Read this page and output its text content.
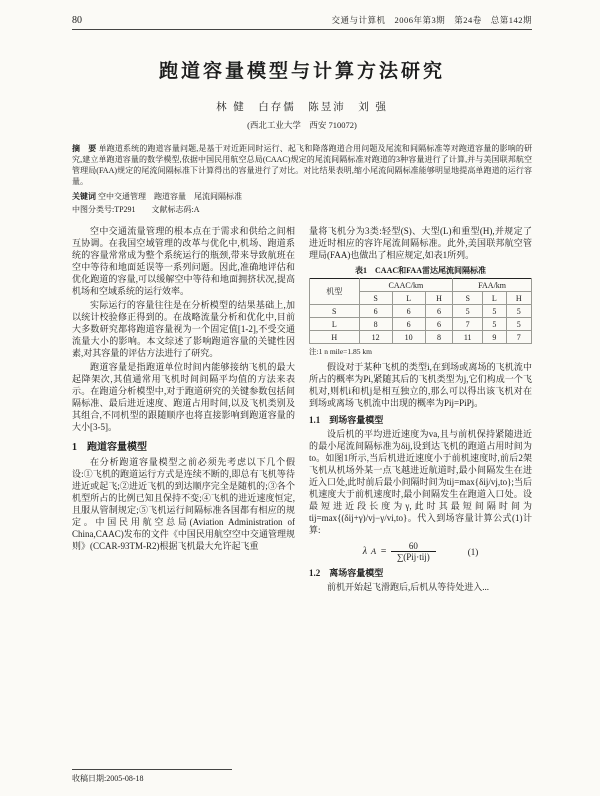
80	交通与计算机　2006年第3期　第24卷　总第142期
跑道容量模型与计算方法研究
林 健　白存儒　陈昱沛　刘 强
(西北工业大学　西安 710072)
摘　要 单跑道系统的跑道容量问题,是基于对近距同时运行、起飞和降落跑道合用问题及尾流和间隔标准等对跑道容量的影响的研究,建立单跑道容量的数学模型,依据中国民用航空总局(CAAC)规定的尾流间隔标准对跑道的3种容量进行了计算,并与美国联邦航空管理局(FAA)规定的尾流间隔标准下计算得出的容量进行了对比。对比结果表明,缩小尾流间隔标准能够明显地提高单跑道的运行容量。
关键词 空中交通管理　跑道容量　尾流间隔标准
中图分类号:TP291　　文献标志码:A

空中交通流量管理的根本点在于需求和供给之间相互协调。在我国空域管理的改革与优化中,机场、跑道系统的容量常常成为整个系统运行的瓶颈,带来导致航班在空中等待和地面延误等一系列问题。因此,准确地评估和优化跑道的容量,可以缓解空中等待和地面拥挤状况,提高机场和空域系统的运行效率。

实际运行的容量往往是在分析模型的结果基础上,加以统计校验修正得到的。在战略流量分析和优化中,目前大多数研究都将跑道容量视为一个固定值[1-2],不受交通流量大小的影响。本文综述了影响跑道容量的关键性因素,对其容量的评估方法进行了研究。

跑道容量是指跑道单位时间内能够接纳飞机的最大起降架次,其值通常用飞机时间间隔平均值的方法来表示。在跑道分析模型中,对于跑道研究的关键参数包括间隔标准、最后进近速度、跑道占用时间,以及飞机类别及其组合,不同机型的跟随顺序也将直接影响到跑道容量的大小[3-5]。

1　跑道容量模型

在分析跑道容量模型之前必须先考虑以下几个假设:①飞机的跑道运行方式是连续不断的,即总有飞机等待进近或起飞;②进近飞机的到达顺序完全是随机的;③各个机型所占的比例已知且保持不变;④飞机的进近速度恒定,且服从管制规定;⑤飞机运行间隔标准各国都有相应的规定。中国民用航空总局(Aviation Administration of China,CAAC)发布的文件《中国民用航空空中交通管理规则》(CCAR-93TM-R2)根据飞机最大允许起飞重

量将飞机分为3类:轻型(S)、大型(L)和重型(H),并规定了进近时相应的容许尾流间隔标准。此外,美国联邦航空管理局(FAA)也做出了相应规定,如表1所列。

表1　CAAC和FAA雷达尾流间隔标准
机型	CAAC/km			FAA/km		
	S	L	H	S	L	H
S	6	6	6	5	5	5
L	8	6	6	7	5	5
H	12	10	8	11	9	7
注:1 n mile=1.85 km

假设对于某种飞机的类型i,在到场或离场的飞机流中所占的概率为Pi,紧随其后的飞机类型为j,它们构成一个飞机对,则机i和机j是相互独立的,那么可以得出该飞机对在到场或离场飞机流中出现的概率为Pij=PiPj。

1.1　到场容量模型

设后机的平均进近速度为va,且与前机保持紧随进近的最小尾流间隔标准为δij,设到达飞机的跑道占用时间为to。如图1所示,当后机进近速度小于前机速度时,前后2架飞机从机场外某一点飞越进近航道时,最小间隔发生在进近入口处,此时前后最小间隔时间为tij=max{δij/vj,to};当后机速度大于前机速度时,最小间隔发生在跑道入口处。设最短进近段长度为γ,此时其最短间隔时间为tij=max{(δij+γ)/vj−γ/vi,to}。代入到场容量计算公式(1)计算:

λ $A = \frac{60}{\text{∑(Pij·tij)}}$	(1)
1.2　离场容量模型

前机开始起飞滑跑后,后机从等待处进入...

收稿日期:2005-08-18
